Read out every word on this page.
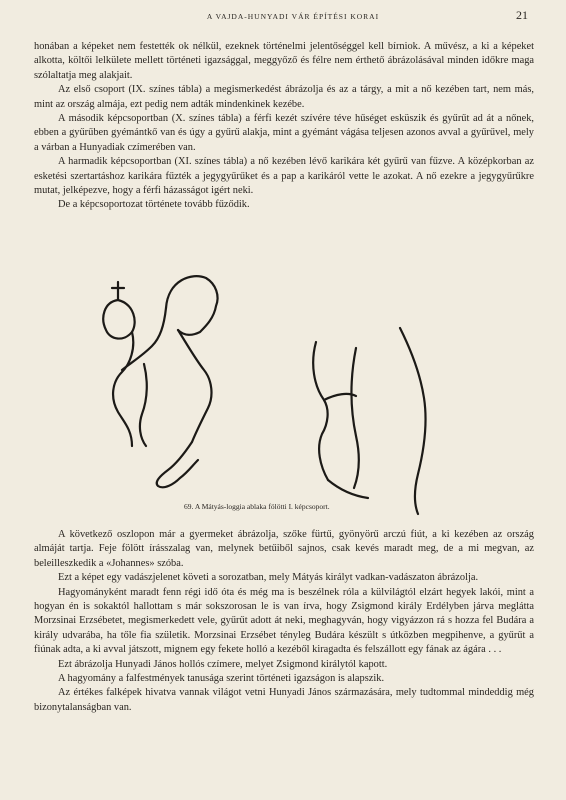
A VAJDA-HUNYADI VÁR ÉPÍTÉSI KORAI	21

honában a képeket nem festették ok nélkül, ezeknek történelmi jelentőséggel kell bírniok. A művész, a ki a képeket alkotta, költői lelkülete mellett történeti igazsággal, meggyőző és félre nem érthető ábrázolásával minden időkre maga szólaltatja meg alakjait.

Az első csoport (IX. színes tábla) a megismerkedést ábrázolja és az a tárgy, a mit a nő kezében tart, nem más, mint az ország almája, ezt pedig nem adták mindenkinek kezébe.

A második képcsoportban (X. színes tábla) a férfi kezét szívére téve hűséget esküszik és gyűrűt ad át a nőnek, ebben a gyűrűben gyémántkő van és úgy a gyűrű alakja, mint a gyémánt vágása teljesen azonos avval a gyűrűvel, mely a várban a Hunyadiak czímerében van.

A harmadik képcsoportban (XI. színes tábla) a nő kezében lévő karikára két gyűrű van fűzve. A középkorban az esketési szertartáshoz karikára fűzték a jegygyűrűket és a pap a karikáról vette le azokat. A nő ezekre a jegygyűrűkre mutat, jelképezve, hogy a férfi házasságot igért neki.

De a képcsoportozat története tovább fűződik.

69. A Mátyás-loggia ablaka fölötti I. képcsoport.

A következő oszlopon már a gyermeket ábrázolja, szőke fürtű, gyönyörű arczú fiút, a ki kezében az ország almáját tartja. Feje fölött írásszalag van, melynek betűiből sajnos, csak kevés maradt meg, de a mi megvan, az beleilleszkedik a «Johannes» szóba.

Ezt a képet egy vadászjelenet követi a sorozatban, mely Mátyás királyt vadkan-vadászaton ábrázolja.

Hagyományként maradt fenn régi idő óta és még ma is beszélnek róla a külvilágtól elzárt hegyek lakói, mint a hogyan én is sokaktól hallottam s már sokszorosan le is van írva, hogy Zsigmond király Erdélyben járva meglátta Morzsinai Erzsébetet, megismerkedett vele, gyűrűt adott át neki, meghagyván, hogy vigyázzon rá s hozza fel Budára a király udvarába, ha tőle fia születik. Morzsinai Erzsébet tényleg Budára készült s útközben megpihenve, a gyűrűt a fiúnak adta, a ki avval játszott, mignem egy fekete holló a kezéből kiragadta és felszállott egy fának az ágára . . .

Ezt ábrázolja Hunyadi János hollós czímere, melyet Zsigmond királytól kapott.

A hagyomány a falfestmények tanusága szerint történeti igazságon is alapszik.

Az értékes falképek hivatva vannak világot vetni Hunyadi János származására, mely tudtommal mindeddig még bizonytalanságban van.
